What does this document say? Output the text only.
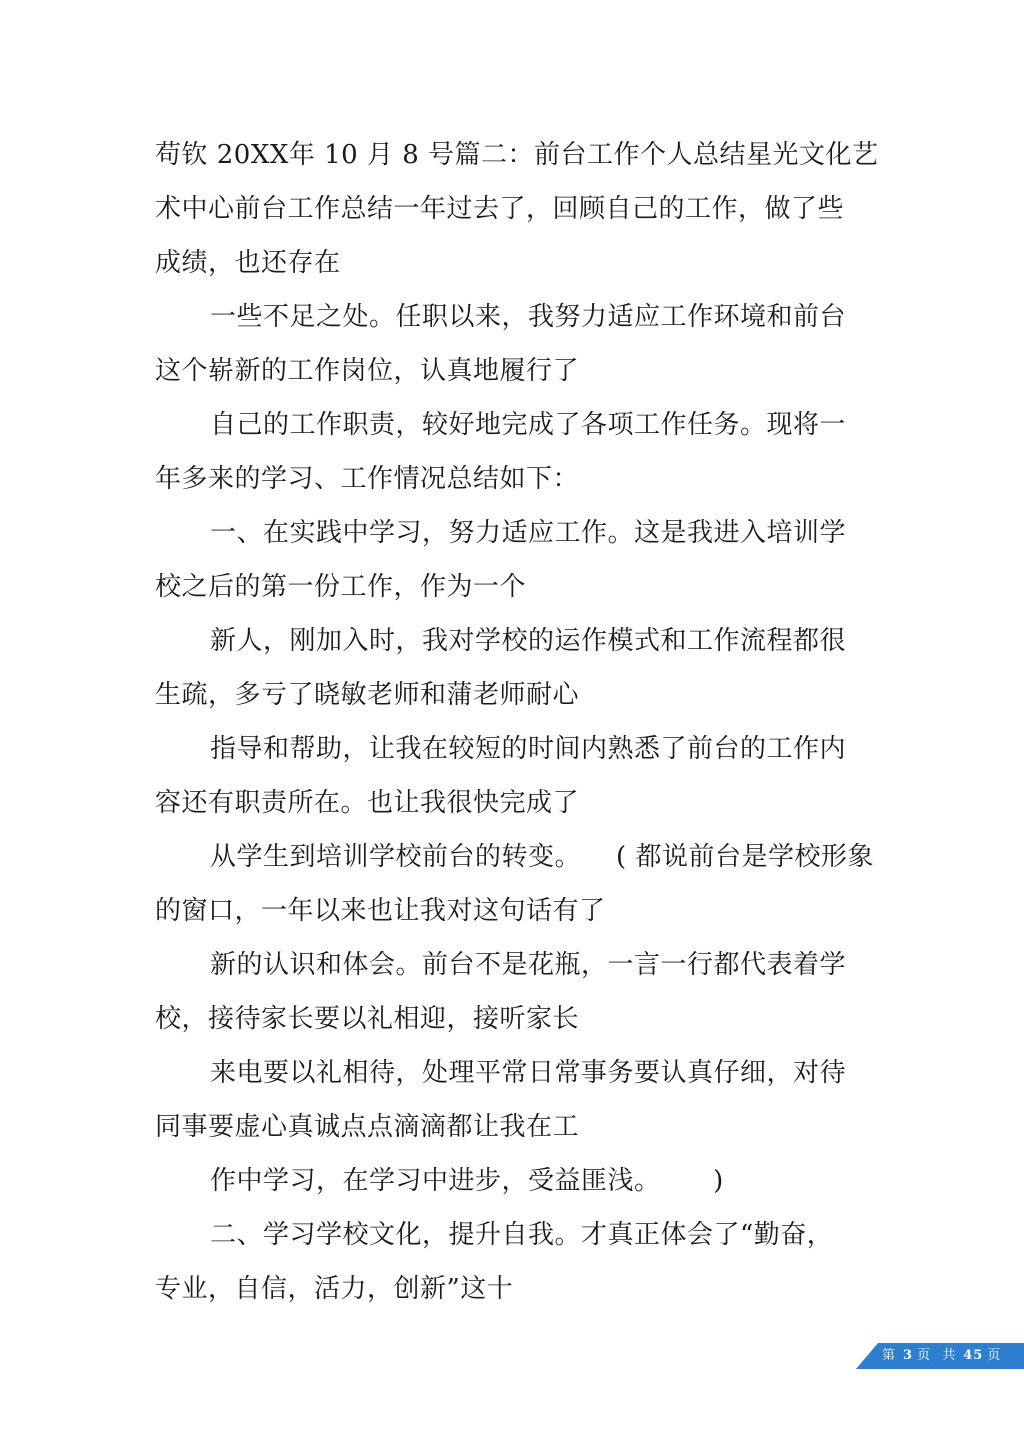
苟钦 20XX年 10 月 8 号篇二：前台工作个人总结星光文化艺
术中心前台工作总结一年过去了，回顾自己的工作，做了些
成绩，也还存在
一些不足之处。任职以来，我努力适应工作环境和前台
这个崭新的工作岗位，认真地履行了
自己的工作职责，较好地完成了各项工作任务。现将一
年多来的学习、工作情况总结如下：
一、在实践中学习，努力适应工作。这是我进入培训学
校之后的第一份工作，作为一个
新人，刚加入时，我对学校的运作模式和工作流程都很
生疏，多亏了晓敏老师和蒲老师耐心
指导和帮助，让我在较短的时间内熟悉了前台的工作内
容还有职责所在。也让我很快完成了
从学生到培训学校前台的转变。    ( 都说前台是学校形象
的窗口，一年以来也让我对这句话有了
新的认识和体会。前台不是花瓶，一言一行都代表着学
校，接待家长要以礼相迎，接听家长
来电要以礼相待，处理平常日常事务要认真仔细，对待
同事要虚心真诚点点滴滴都让我在工
作中学习，在学习中进步，受益匪浅。      )
二、学习学校文化，提升自我。才真正体会了“勤奋，
专业，自信，活力，创新”这十
第 3 页 共 45 页
